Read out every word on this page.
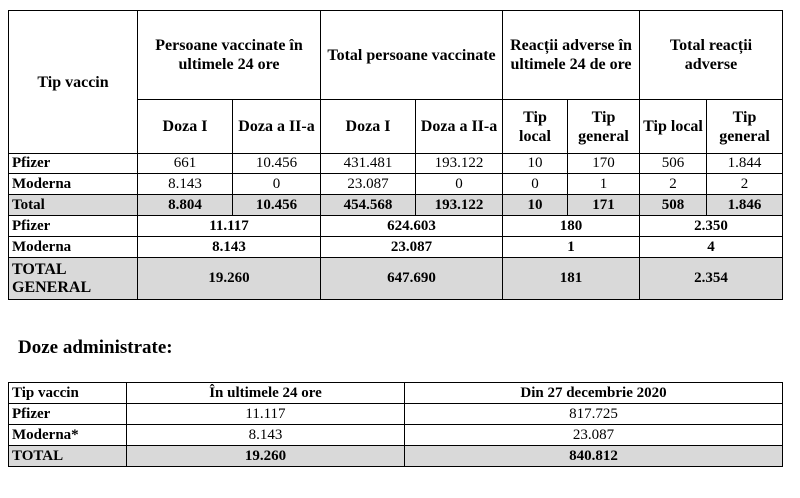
Tip vaccin	Persoane vaccinate în ultimele 24 ore		Total persoane vaccinate		Reacții adverse în ultimele 24 de ore		Total reacții adverse	
	Doza I	Doza a II-a	Doza I	Doza a II-a	Tip local	Tip general	Tip local	Tip general
Pfizer	661	10.456	431.481	193.122	10	170	506	1.844
Moderna	8.143	0	23.087	0	0	1	2	2
Total	8.804	10.456	454.568	193.122	10	171	508	1.846
Pfizer	11.117		624.603		180		2.350	
Moderna	8.143		23.087		1		4	
TOTAL GENERAL	19.260		647.690		181		2.354	
Doze administrate:
Tip vaccin	În ultimele 24 ore	Din 27 decembrie 2020
Pfizer	11.117	817.725
Moderna*	8.143	23.087
TOTAL	19.260	840.812
